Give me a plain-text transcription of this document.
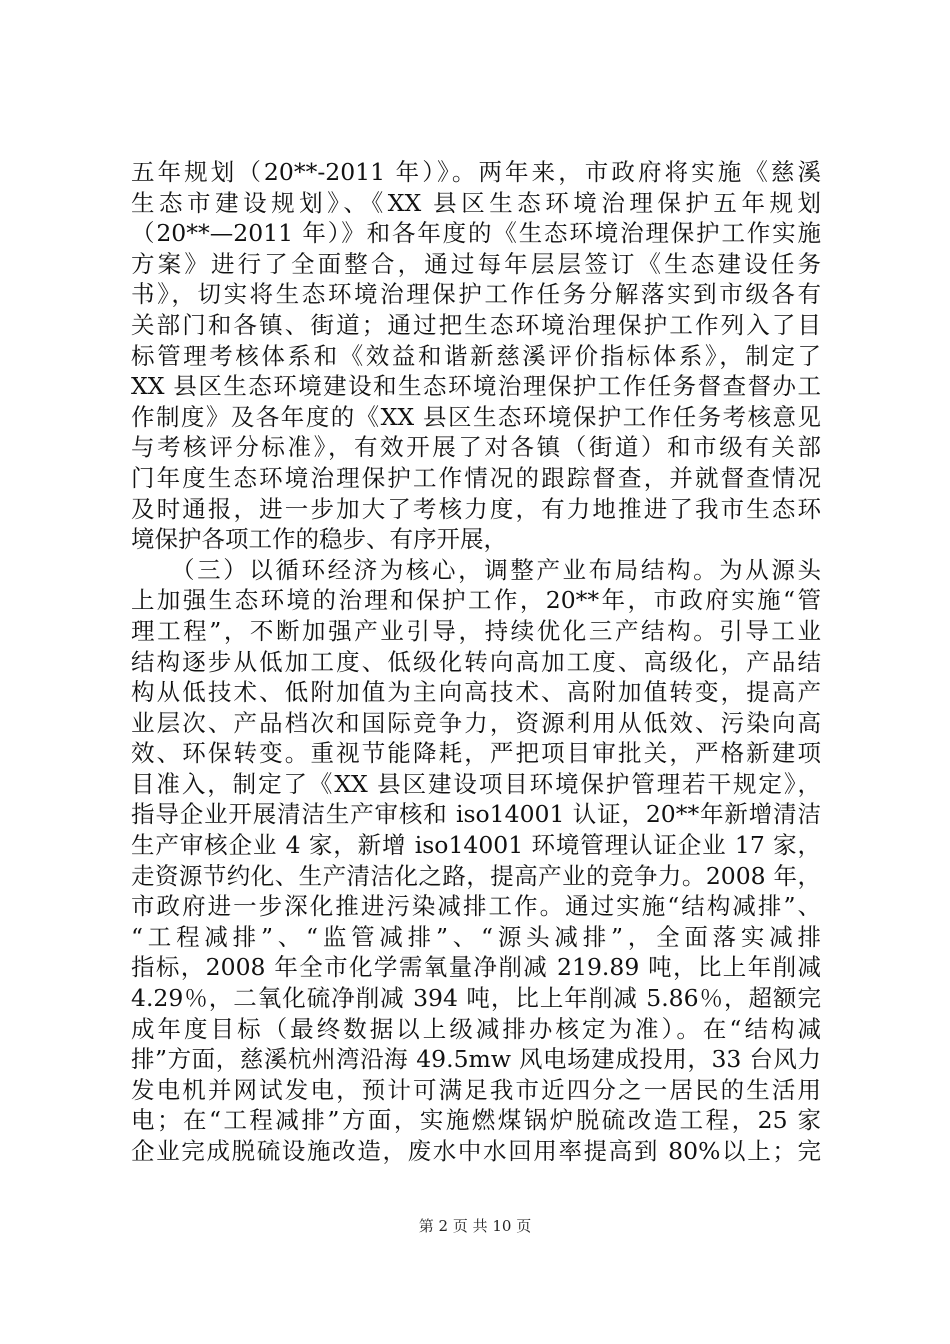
五年规划（20**-2011 年）》。两年来，市政府将实施《慈溪
生态市建设规划》、《XX 县区生态环境治理保护五年规划
（20**—2011 年）》和各年度的《生态环境治理保护工作实施
方案》进行了全面整合，通过每年层层签订《生态建设任务
书》，切实将生态环境治理保护工作任务分解落实到市级各有
关部门和各镇、街道；通过把生态环境治理保护工作列入了目
标管理考核体系和《效益和谐新慈溪评价指标体系》，制定了
XX 县区生态环境建设和生态环境治理保护工作任务督查督办工
作制度》及各年度的《XX 县区生态环境保护工作任务考核意见
与考核评分标准》，有效开展了对各镇（街道）和市级有关部
门年度生态环境治理保护工作情况的跟踪督查，并就督查情况
及时通报，进一步加大了考核力度，有力地推进了我市生态环
境保护各项工作的稳步、有序开展，
（三）以循环经济为核心，调整产业布局结构。为从源头
上加强生态环境的治理和保护工作，20**年，市政府实施“管
理工程”，不断加强产业引导，持续优化三产结构。引导工业
结构逐步从低加工度、低级化转向高加工度、高级化，产品结
构从低技术、低附加值为主向高技术、高附加值转变，提高产
业层次、产品档次和国际竞争力，资源利用从低效、污染向高
效、环保转变。重视节能降耗，严把项目审批关，严格新建项
目准入，制定了《XX 县区建设项目环境保护管理若干规定》，
指导企业开展清洁生产审核和 iso14001 认证，20**年新增清洁
生产审核企业 4 家，新增 iso14001 环境管理认证企业 17 家，
走资源节约化、生产清洁化之路，提高产业的竞争力。2008 年，
市政府进一步深化推进污染减排工作。通过实施“结构减排”、
“工程减排”、“监管减排”、“源头减排”，全面落实减排
指标，2008 年全市化学需氧量净削减 219.89 吨，比上年削减
4.29％，二氧化硫净削减 394 吨，比上年削减 5.86％，超额完
成年度目标（最终数据以上级减排办核定为准）。在“结构减
排”方面，慈溪杭州湾沿海 49.5mw 风电场建成投用，33 台风力
发电机并网试发电，预计可满足我市近四分之一居民的生活用
电；在“工程减排”方面，实施燃煤锅炉脱硫改造工程，25 家
企业完成脱硫设施改造，废水中水回用率提高到 80%以上；完
第 2 页 共 10 页
